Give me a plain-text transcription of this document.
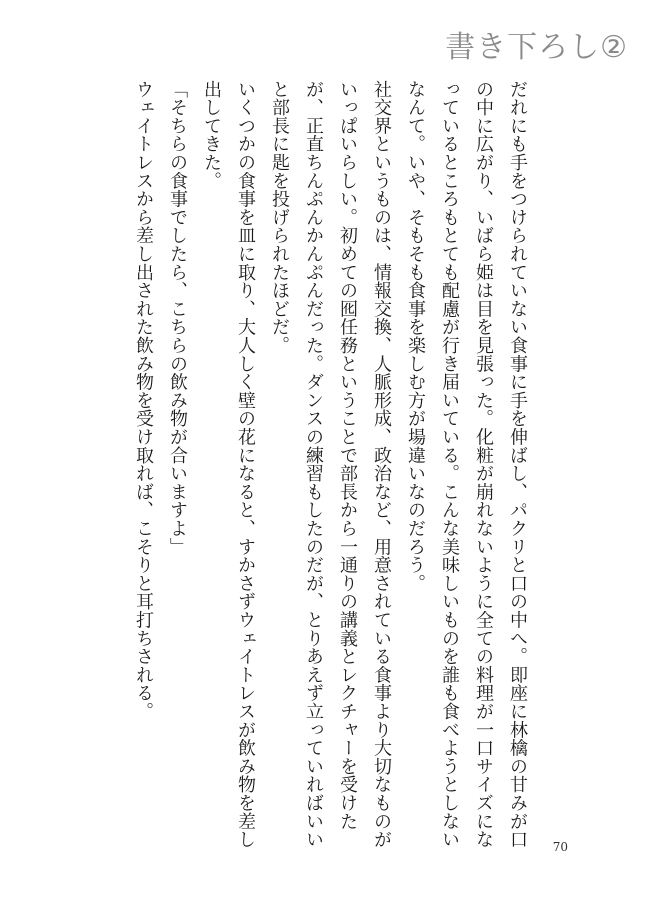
書き下ろし②

だれにも手をつけられていない食事に手を伸ばし、パクリと口の中へ。即座に林檎の甘みが口の中に広がり、いばら姫は目を見張った。化粧が崩れないように全ての料理が一口サイズになっているところもとても配慮が行き届いている。こんな美味しいものを誰も食べようとしないなんて。いや、そもそも食事を楽しむ方が場違いなのだろう。

社交界というものは、情報交換、人脈形成、政治など、用意されている食事より大切なものがいっぱいらしい。初めての囮任務ということで部長から一通りの講義とレクチャーを受けたが、正直ちんぷんかんぷんだった。ダンスの練習もしたのだが、とりあえず立っていればいいと部長に匙を投げられたほどだ。

いくつかの食事を皿に取り、大人しく壁の花になると、すかさずウェイトレスが飲み物を差し出してきた。

「そちらの食事でしたら、こちらの飲み物が合いますよ」

ウェイトレスから差し出された飲み物を受け取れば、こそりと耳打ちされる。

70
